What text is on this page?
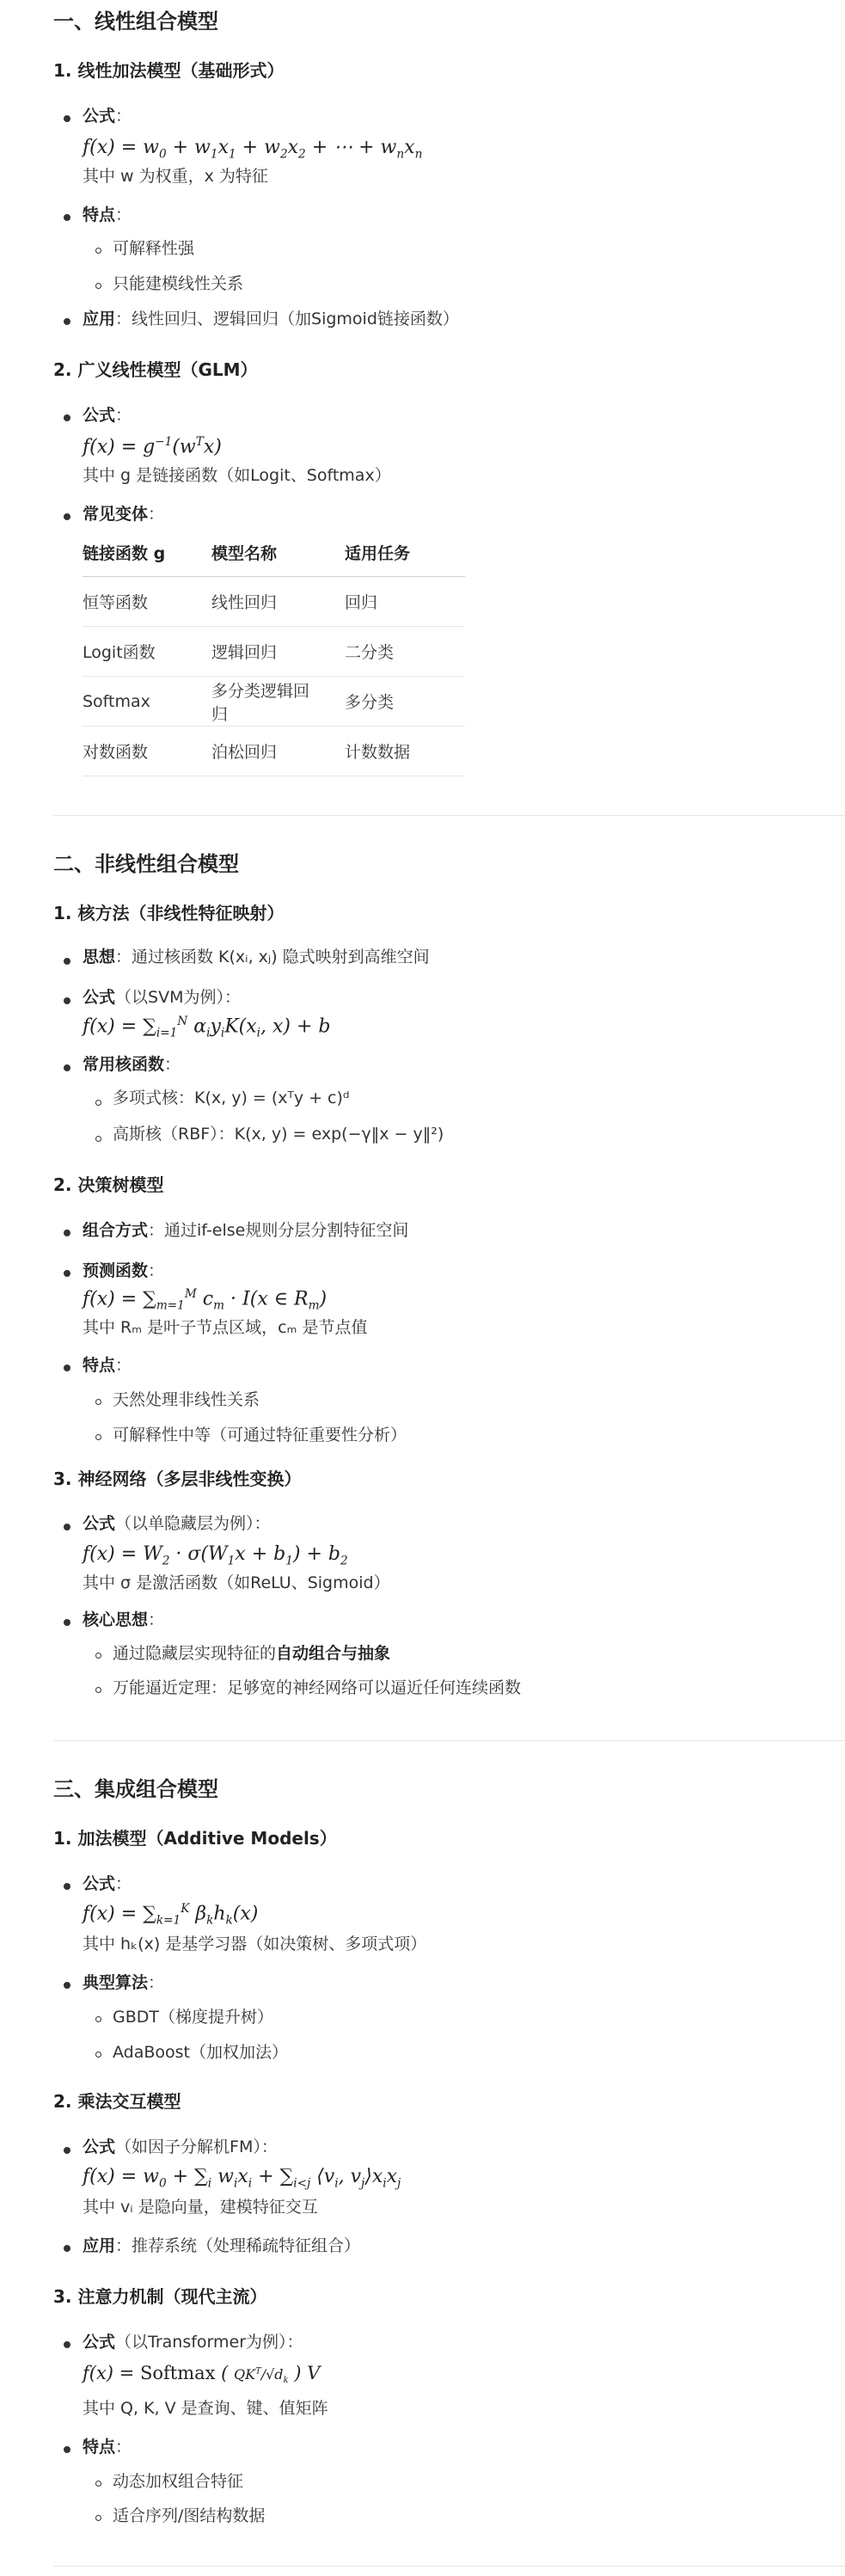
一、线性组合模型
1. 线性加法模型（基础形式）
公式：
$f(x) = w_0 + w_1x_1 + w_2x_2$ + ⋯ + $w_nx_n$
其中 w 为权重，x 为特征
特点：
可解释性强
只能建模线性关系
应用：线性回归、逻辑回归（加Sigmoid链接函数）
2. 广义线性模型（GLM）
公式：
$f(x) = g^{-1}(w^Tx)$
其中 g 是链接函数（如Logit、Softmax）
常见变体：
链接函数 g	模型名称	适用任务
恒等函数	线性回归	回归
Logit函数	逻辑回归	二分类
Softmax	多分类逻辑回归	多分类
对数函数	泊松回归	计数数据
二、非线性组合模型
1. 核方法（非线性特征映射）
思想：通过核函数 K(xᵢ, xⱼ) 隐式映射到高维空间
公式（以SVM为例）：
$f(x) = \sum_{i=1}^N$ $\alpha_iy_iK(x_i$, x) + b
常用核函数：
多项式核：K(x, y) = (xᵀy + c)ᵈ
高斯核（RBF）：K(x, y) = exp(−γ‖x − y‖²)
2. 决策树模型
组合方式：通过if-else规则分层分割特征空间
预测函数：
$f(x) = \sum_{m=1}^M$ $c_m \cdot I(x$ ∈ $R_m$)
其中 Rₘ 是叶子节点区域，cₘ 是节点值
特点：
天然处理非线性关系
可解释性中等（可通过特征重要性分析）
3. 神经网络（多层非线性变换）
公式（以单隐藏层为例）：
$f(x) = W_2 \cdot \sigma(W_1x + b_1) + b_2$
其中 σ 是激活函数（如ReLU、Sigmoid）
核心思想：
通过隐藏层实现特征的自动组合与抽象
万能逼近定理：足够宽的神经网络可以逼近任何连续函数
三、集成组合模型
1. 加法模型（Additive Models）
公式：
$f(x) = \sum_{k=1}^K$ $\beta_kh_k(x)$
其中 hₖ(x) 是基学习器（如决策树、多项式项）
典型算法：
GBDT（梯度提升树）
AdaBoost（加权加法）
2. 乘法交互模型
公式（如因子分解机FM）：
$f(x) = w_0 + \sum_i$ $w_ix_i + \sum_{i<j}$ $⟨v_i$, $v_j⟩x_ix_j$
其中 vᵢ 是隐向量，建模特征交互
应用：推荐系统（处理稀疏特征组合）
3. 注意力机制（现代主流）
公式（以Transformer为例）：
f(x) = Softmax ( $QK^T/√d_k$ ) V
其中 Q, K, V 是查询、键、值矩阵
特点：
动态加权组合特征
适合序列/图结构数据
